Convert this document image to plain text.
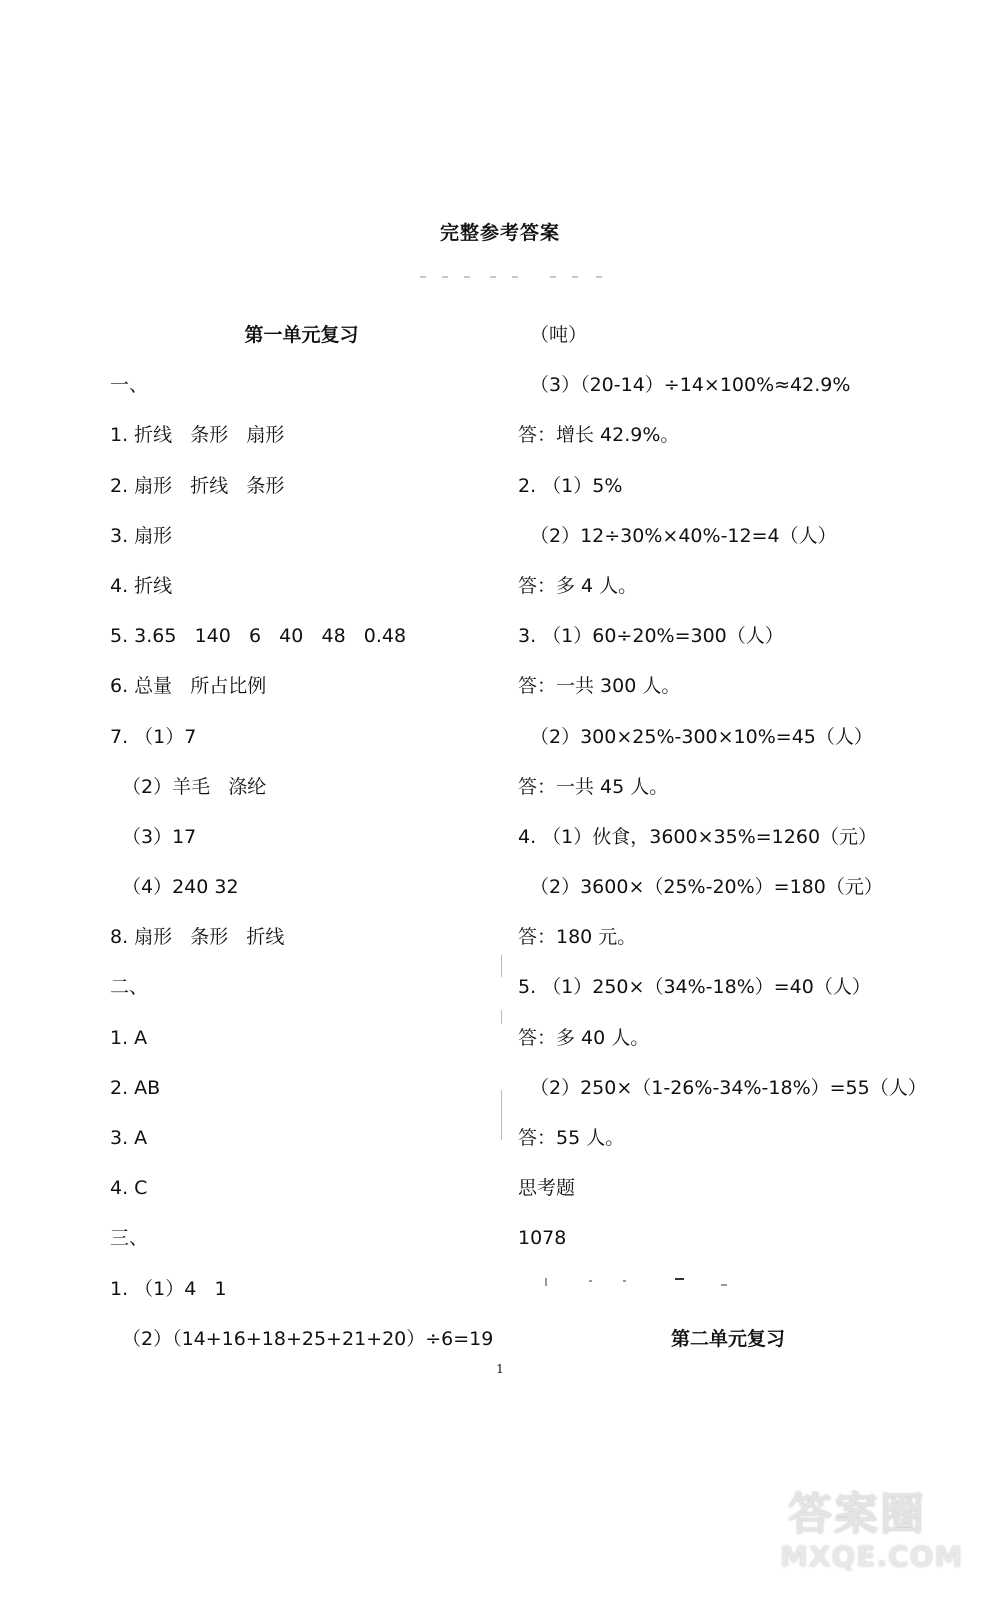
完整参考答案
第一单元复习
一、
1. 折线   条形   扇形
2. 扇形   折线   条形
3. 扇形
4. 折线
5. 3.65   140   6   40   48   0.48
6. 总量   所占比例
7. （1）7
（2）羊毛   涤纶
（3）17
（4）240 32
8. 扇形   条形   折线
二、
1. A
2. AB
3. A
4. C
三、
1. （1）4   1
（2）（14+16+18+25+21+20）÷6=19
（吨）
（3）（20-14）÷14×100%≈42.9%
答：增长 42.9%。
2. （1）5%
（2）12÷30%×40%-12=4（人）
答：多 4 人。
3. （1）60÷20%=300（人）
答：一共 300 人。
（2）300×25%-300×10%=45（人）
答：一共 45 人。
4. （1）伙食，3600×35%=1260（元）
（2）3600×（25%-20%）=180（元）
答：180 元。
5. （1）250×（34%-18%）=40（人）
答：多 40 人。
（2）250×（1-26%-34%-18%）=55（人）
答：55 人。
思考题
1078
第二单元复习
1
答案圈
MXQE.COM
